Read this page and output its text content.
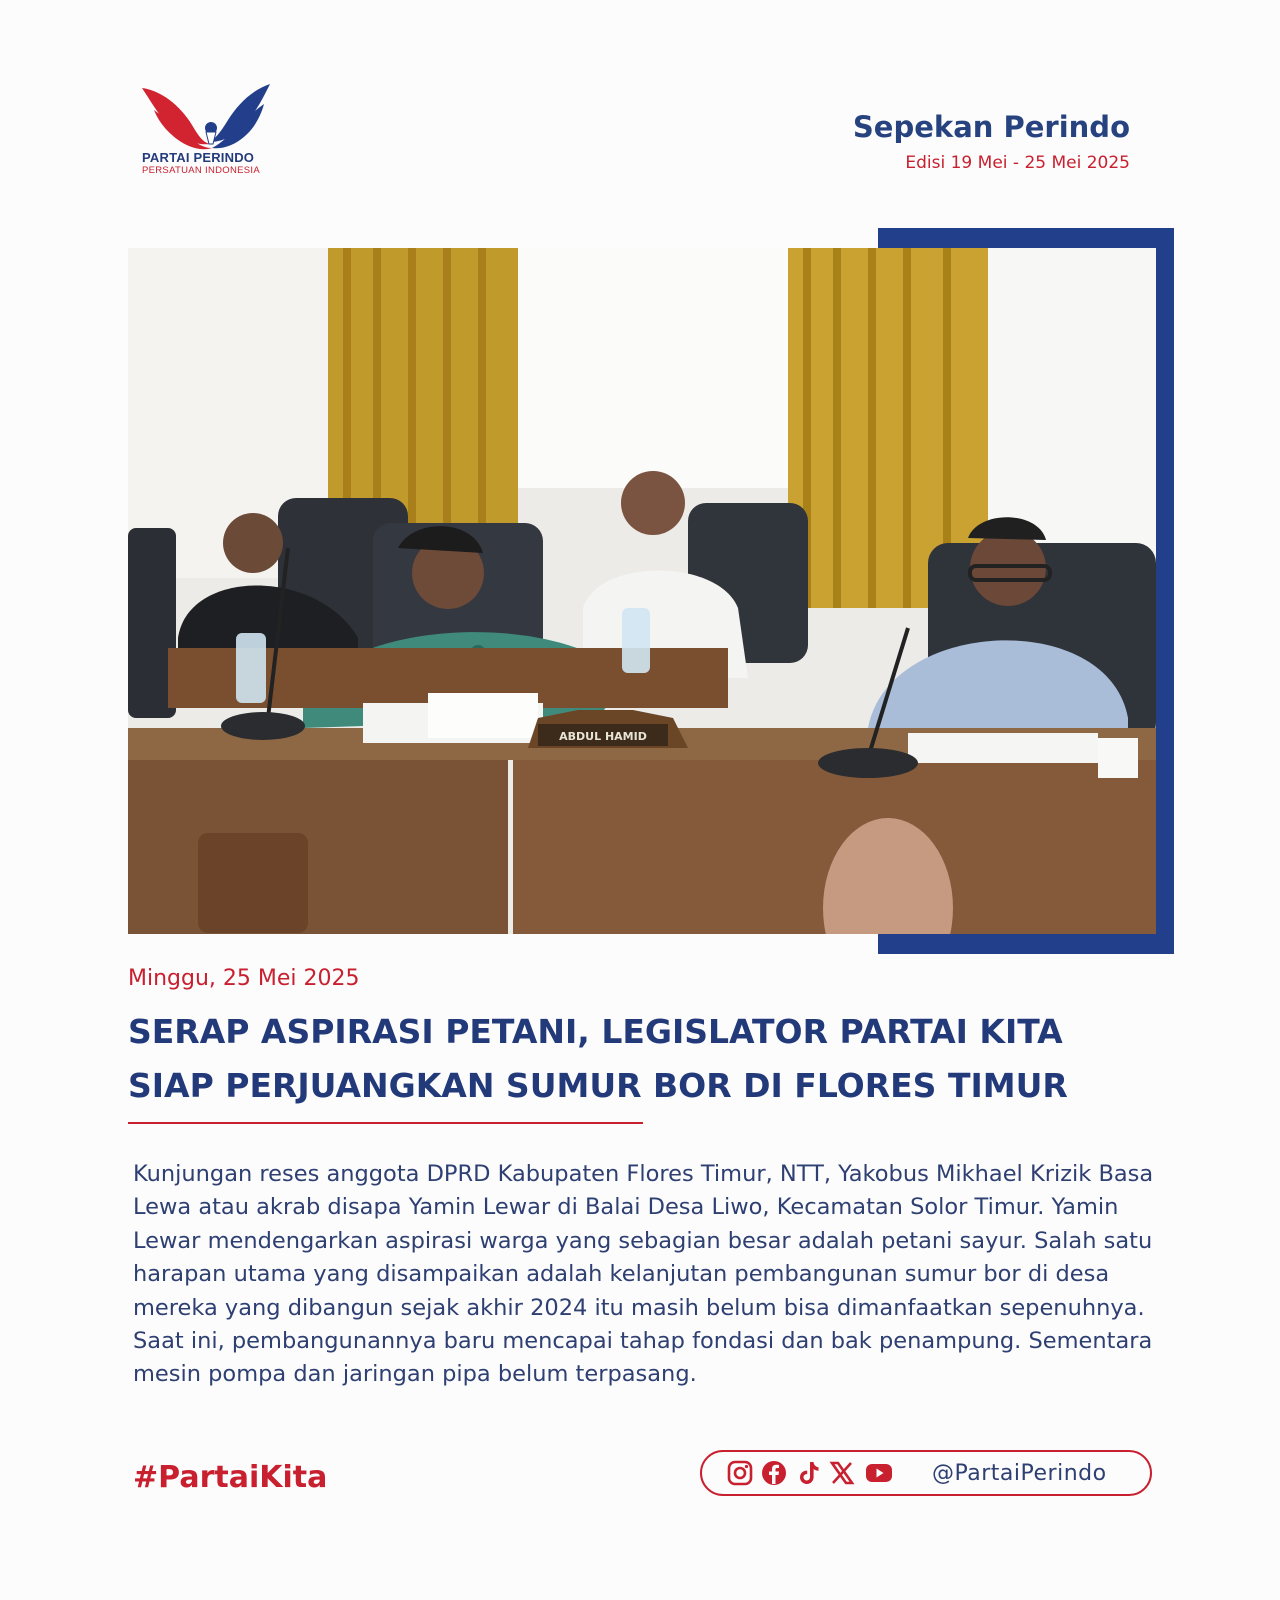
PARTAI PERINDO
PERSATUAN INDONESIA
Sepekan Perindo
Edisi 19 Mei - 25 Mei 2025
ABDUL HAMID
Minggu, 25 Mei 2025
SERAP ASPIRASI PETANI, LEGISLATOR PARTAI KITA SIAP PERJUANGKAN SUMUR BOR DI FLORES TIMUR

Kunjungan reses anggota DPRD Kabupaten Flores Timur, NTT, Yakobus Mikhael Krizik Basa Lewa atau akrab disapa Yamin Lewar di Balai Desa Liwo, Kecamatan Solor Timur. Yamin Lewar mendengarkan aspirasi warga yang sebagian besar adalah petani sayur. Salah satu harapan utama yang disampaikan adalah kelanjutan pembangunan sumur bor di desa mereka yang dibangun sejak akhir 2024 itu masih belum bisa dimanfaatkan sepenuhnya. Saat ini, pembangunannya baru mencapai tahap fondasi dan bak penampung. Sementara mesin pompa dan jaringan pipa belum terpasang.

#PartaiKita	@PartaiPerindo
